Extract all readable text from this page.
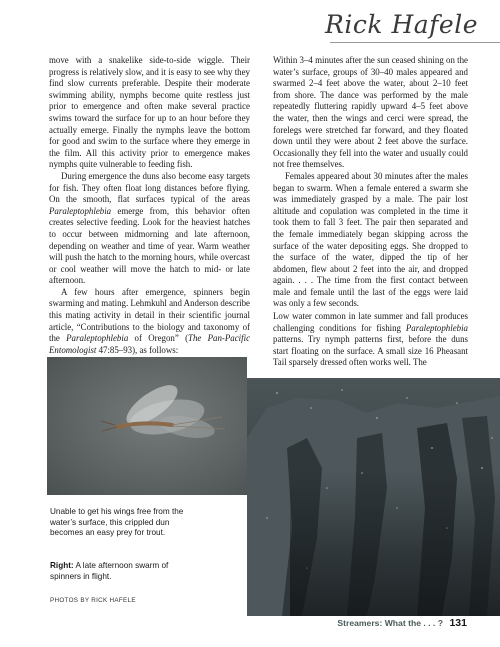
Rick Hafele

move with a snakelike side-to-side wiggle. Their progress is relatively slow, and it is easy to see why they find slow currents preferable. Despite their moderate swimming ability, nymphs become quite restless just prior to emergence and often make several practice swims toward the surface for up to an hour before they actually emerge. Finally the nymphs leave the bottom for good and swim to the surface where they emerge in the film. All this activity prior to emergence makes nymphs quite vulnerable to feeding fish.

During emergence the duns also become easy targets for fish. They often float long distances before flying. On the smooth, flat surfaces typical of the areas Paraleptophlebia emerge from, this behavior often creates selective feeding. Look for the heaviest hatches to occur between midmorning and late afternoon, depending on weather and time of year. Warm weather will push the hatch to the morning hours, while overcast or cool weather will move the hatch to mid- or late afternoon.

A few hours after emergence, spinners begin swarming and mating. Lehmkuhl and Anderson describe this mating activity in detail in their scientific journal article, “Contributions to the biology and taxonomy of the Paraleptophlebia of Oregon” (The Pan-Pacific Entomologist 47:85–93), as follows:

Within 3–4 minutes after the sun ceased shining on the water’s surface, groups of 30–40 males appeared and swarmed 2–4 feet above the water, about 2–10 feet from shore. The dance was performed by the male repeatedly fluttering rapidly upward 4–5 feet above the water, then the wings and cerci were spread, the forelegs were stretched far forward, and they floated down until they were about 2 feet above the surface. Occasionally they fell into the water and usually could not free themselves.

Females appeared about 30 minutes after the males began to swarm. When a female entered a swarm she was immediately grasped by a male. The pair lost altitude and copulation was completed in the time it took them to fall 3 feet. The pair then separated and the female immediately began skipping across the surface of the water depositing eggs. She dropped to the surface of the water, dipped the tip of her abdomen, flew about 2 feet into the air, and dropped again. . . . The time from the first contact between male and female until the last of the eggs were laid was only a few seconds.

Low water common in late summer and fall produces challenging conditions for fishing Paraleptophlebia patterns. Try nymph patterns first, before the duns start floating on the surface. A small size 16 Pheasant Tail sparsely dressed often works well. The

Unable to get his wings free from the water’s surface, this crippled dun becomes an easy prey for trout.
Right: A late afternoon swarm of spinners in flight.
PHOTOS BY RICK HAFELE
Streamers: What the . . . ? 131
